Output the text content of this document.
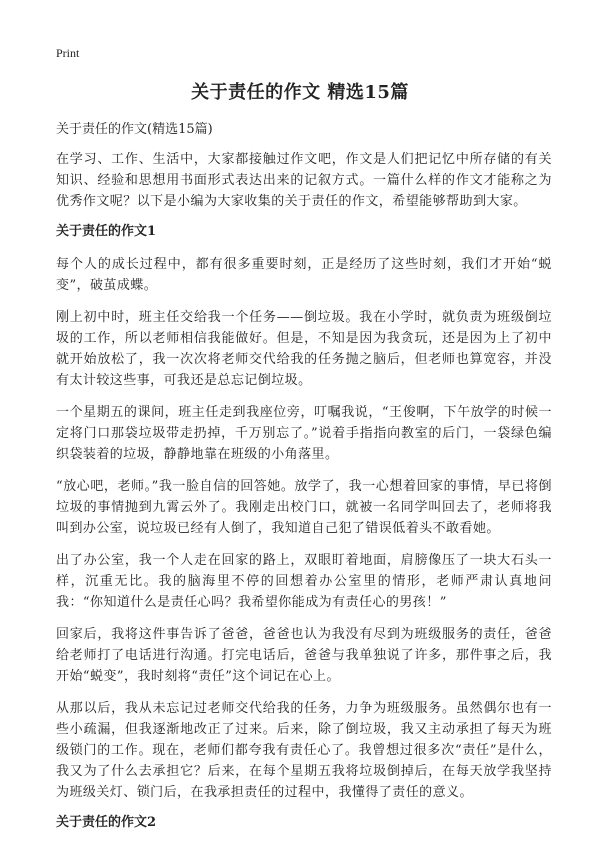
Print
关于责任的作文 精选15篇

关于责任的作文(精选15篇)

在学习、工作、生活中，大家都接触过作文吧，作文是人们把记忆中所存储的有关知识、经验和思想用书面形式表达出来的记叙方式。一篇什么样的作文才能称之为优秀作文呢？以下是小编为大家收集的关于责任的作文，希望能够帮助到大家。

关于责任的作文1

每个人的成长过程中，都有很多重要时刻，正是经历了这些时刻，我们才开始“蜕变”，破茧成蝶。

刚上初中时，班主任交给我一个任务——倒垃圾。我在小学时，就负责为班级倒垃圾的工作，所以老师相信我能做好。但是，不知是因为我贪玩，还是因为上了初中就开始放松了，我一次次将老师交代给我的任务抛之脑后，但老师也算宽容，并没有太计较这些事，可我还是总忘记倒垃圾。

一个星期五的课间，班主任走到我座位旁，叮嘱我说，“王俊啊，下午放学的时候一定将门口那袋垃圾带走扔掉，千万别忘了。”说着手指指向教室的后门，一袋绿色编织袋装着的垃圾，静静地靠在班级的小角落里。

“放心吧，老师。”我一脸自信的回答她。放学了，我一心想着回家的事情，早已将倒垃圾的事情抛到九霄云外了。我刚走出校门口，就被一名同学叫回去了，老师将我叫到办公室，说垃圾已经有人倒了，我知道自己犯了错误低着头不敢看她。

出了办公室，我一个人走在回家的路上，双眼盯着地面，肩膀像压了一块大石头一样，沉重无比。我的脑海里不停的回想着办公室里的情形，老师严肃认真地问我：“你知道什么是责任心吗？我希望你能成为有责任心的男孩！”

回家后，我将这件事告诉了爸爸，爸爸也认为我没有尽到为班级服务的责任，爸爸给老师打了电话进行沟通。打完电话后，爸爸与我单独说了许多，那件事之后，我开始“蜕变”，我时刻将“责任”这个词记在心上。

从那以后，我从未忘记过老师交代给我的任务，力争为班级服务。虽然偶尔也有一些小疏漏，但我逐渐地改正了过来。后来，除了倒垃圾，我又主动承担了每天为班级锁门的工作。现在，老师们都夸我有责任心了。我曾想过很多次“责任”是什么，我又为了什么去承担它？后来，在每个星期五我将垃圾倒掉后，在每天放学我坚持为班级关灯、锁门后，在我承担责任的过程中，我懂得了责任的意义。

关于责任的作文2
